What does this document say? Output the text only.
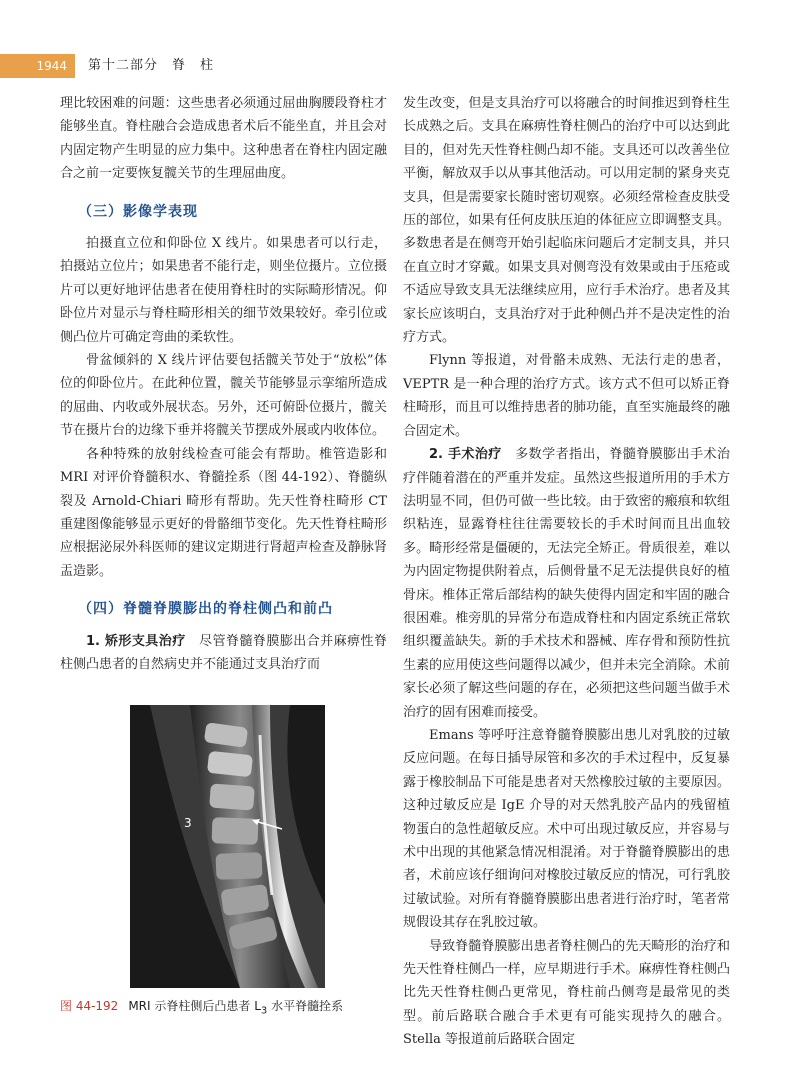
1944	第十二部分　脊　柱

理比较困难的问题：这些患者必须通过屈曲胸腰段脊柱才能够坐直。脊柱融合会造成患者术后不能坐直，并且会对内固定物产生明显的应力集中。这种患者在脊柱内固定融合之前一定要恢复髋关节的生理屈曲度。

（三）影像学表现

拍摄直立位和仰卧位 X 线片。如果患者可以行走，拍摄站立位片；如果患者不能行走，则坐位摄片。立位摄片可以更好地评估患者在使用脊柱时的实际畸形情况。仰卧位片对显示与脊柱畸形相关的细节效果较好。牵引位或侧凸位片可确定弯曲的柔软性。

骨盆倾斜的 X 线片评估要包括髋关节处于“放松”体位的仰卧位片。在此种位置，髋关节能够显示挛缩所造成的屈曲、内收或外展状态。另外，还可俯卧位摄片，髋关节在摄片台的边缘下垂并将髋关节摆成外展或内收体位。

各种特殊的放射线检查可能会有帮助。椎管造影和 MRI 对评价脊髓积水、脊髓拴系（图 44-192）、脊髓纵裂及 Arnold-Chiari 畸形有帮助。先天性脊柱畸形 CT 重建图像能够显示更好的骨骼细节变化。先天性脊柱畸形应根据泌尿外科医师的建议定期进行肾超声检查及静脉肾盂造影。

（四）脊髓脊膜膨出的脊柱侧凸和前凸

1. 矫形支具治疗　 尽管脊髓脊膜膨出合并麻痹性脊柱侧凸患者的自然病史并不能通过支具治疗而

3
图 44-192 MRI 示脊柱侧后凸患者 $L_3$ 水平脊髓拴系

发生改变，但是支具治疗可以将融合的时间推迟到脊柱生长成熟之后。支具在麻痹性脊柱侧凸的治疗中可以达到此目的，但对先天性脊柱侧凸却不能。支具还可以改善坐位平衡，解放双手以从事其他活动。可以用定制的紧身夹克支具，但是需要家长随时密切观察。必须经常检查皮肤受压的部位，如果有任何皮肤压迫的体征应立即调整支具。多数患者是在侧弯开始引起临床问题后才定制支具，并只在直立时才穿戴。如果支具对侧弯没有效果或由于压疮或不适应导致支具无法继续应用，应行手术治疗。患者及其家长应该明白，支具治疗对于此种侧凸并不是决定性的治疗方式。

Flynn 等报道，对骨骼未成熟、无法行走的患者，VEPTR 是一种合理的治疗方式。该方式不但可以矫正脊柱畸形，而且可以维持患者的肺功能，直至实施最终的融合固定术。

2. 手术治疗　 多数学者指出，脊髓脊膜膨出手术治疗伴随着潜在的严重并发症。虽然这些报道所用的手术方法明显不同，但仍可做一些比较。由于致密的瘢痕和软组织粘连，显露脊柱往往需要较长的手术时间而且出血较多。畸形经常是僵硬的，无法完全矫正。骨质很差，难以为内固定物提供附着点，后侧骨量不足无法提供良好的植骨床。椎体正常后部结构的缺失使得内固定和牢固的融合很困难。椎旁肌的异常分布造成脊柱和内固定系统正常软组织覆盖缺失。新的手术技术和器械、库存骨和预防性抗生素的应用使这些问题得以减少，但并未完全消除。术前家长必须了解这些问题的存在，必须把这些问题当做手术治疗的固有困难而接受。

Emans 等呼吁注意脊髓脊膜膨出患儿对乳胶的过敏反应问题。在每日插导尿管和多次的手术过程中，反复暴露于橡胶制品下可能是患者对天然橡胶过敏的主要原因。这种过敏反应是 IgE 介导的对天然乳胶产品内的残留植物蛋白的急性超敏反应。术中可出现过敏反应，并容易与术中出现的其他紧急情况相混淆。对于脊髓脊膜膨出的患者，术前应该仔细询问对橡胶过敏反应的情况，可行乳胶过敏试验。对所有脊髓脊膜膨出患者进行治疗时，笔者常规假设其存在乳胶过敏。

导致脊髓脊膜膨出患者脊柱侧凸的先天畸形的治疗和先天性脊柱侧凸一样，应早期进行手术。麻痹性脊柱侧凸比先天性脊柱侧凸更常见，脊柱前凸侧弯是最常见的类型。前后路联合融合手术更有可能实现持久的融合。Stella 等报道前后路联合固定
